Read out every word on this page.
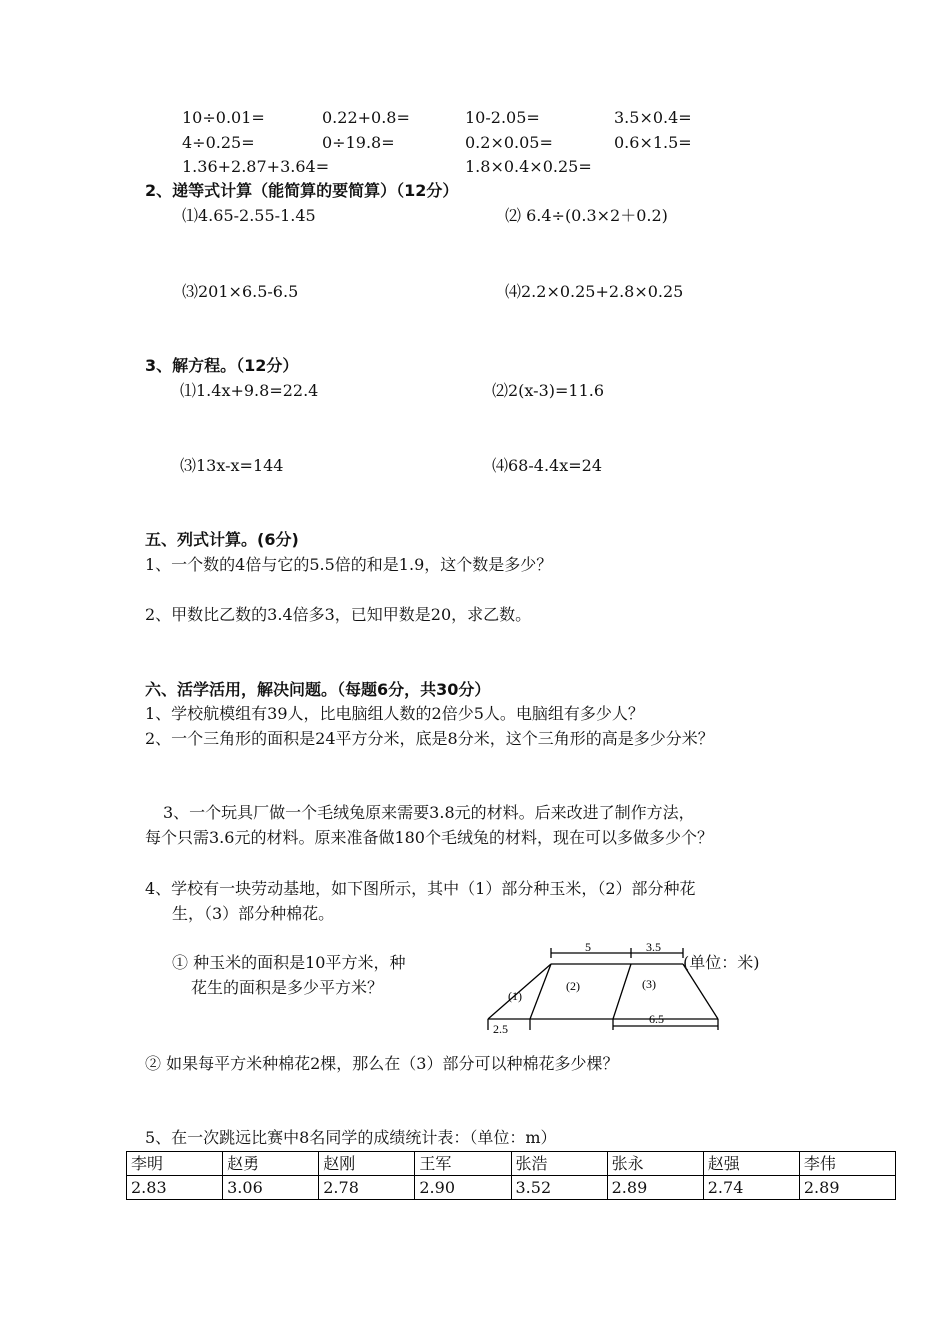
10÷0.01=	0.22+0.8=	10-2.05=	3.5×0.4=
4÷0.25=	0÷19.8=	0.2×0.05=	0.6×1.5=
1.36+2.87+3.64=	1.8×0.4×0.25=
2、递等式计算（能简算的要简算）（12分）
⑴4.65-2.55-1.45	⑵ 6.4÷(0.3×2＋0.2)
⑶201×6.5-6.5	⑷2.2×0.25+2.8×0.25
3、解方程。（12分）
⑴1.4x+9.8=22.4	⑵2(x-3)=11.6
⑶13x-x=144	⑷68-4.4x=24
五、列式计算。(6分)
1、一个数的4倍与它的5.5倍的和是1.9，这个数是多少？
2、甲数比乙数的3.4倍多3，已知甲数是20，求乙数。
六、活学活用，解决问题。（每题6分，共30分）
1、学校航模组有39人，比电脑组人数的2倍少5人。电脑组有多少人？
2、一个三角形的面积是24平方分米，底是8分米，这个三角形的高是多少分米？
3、一个玩具厂做一个毛绒兔原来需要3.8元的材料。后来改进了制作方法，
每个只需3.6元的材料。原来准备做180个毛绒兔的材料，现在可以多做多少个？
4、学校有一块劳动基地，如下图所示，其中（1）部分种玉米，（2）部分种花
生，（3）部分种棉花。
① 种玉米的面积是10平方米，种
花生的面积是多少平方米？
5	3.5
(1)
(2)	(3)
2.5
6.5
(单位：米)
② 如果每平方米种棉花2棵，那么在（3）部分可以种棉花多少棵？
5、在一次跳远比赛中8名同学的成绩统计表：（单位：m）
李明	赵勇	赵刚	王军	张浩	张永	赵强	李伟
2.83	3.06	2.78	2.90	3.52	2.89	2.74	2.89
